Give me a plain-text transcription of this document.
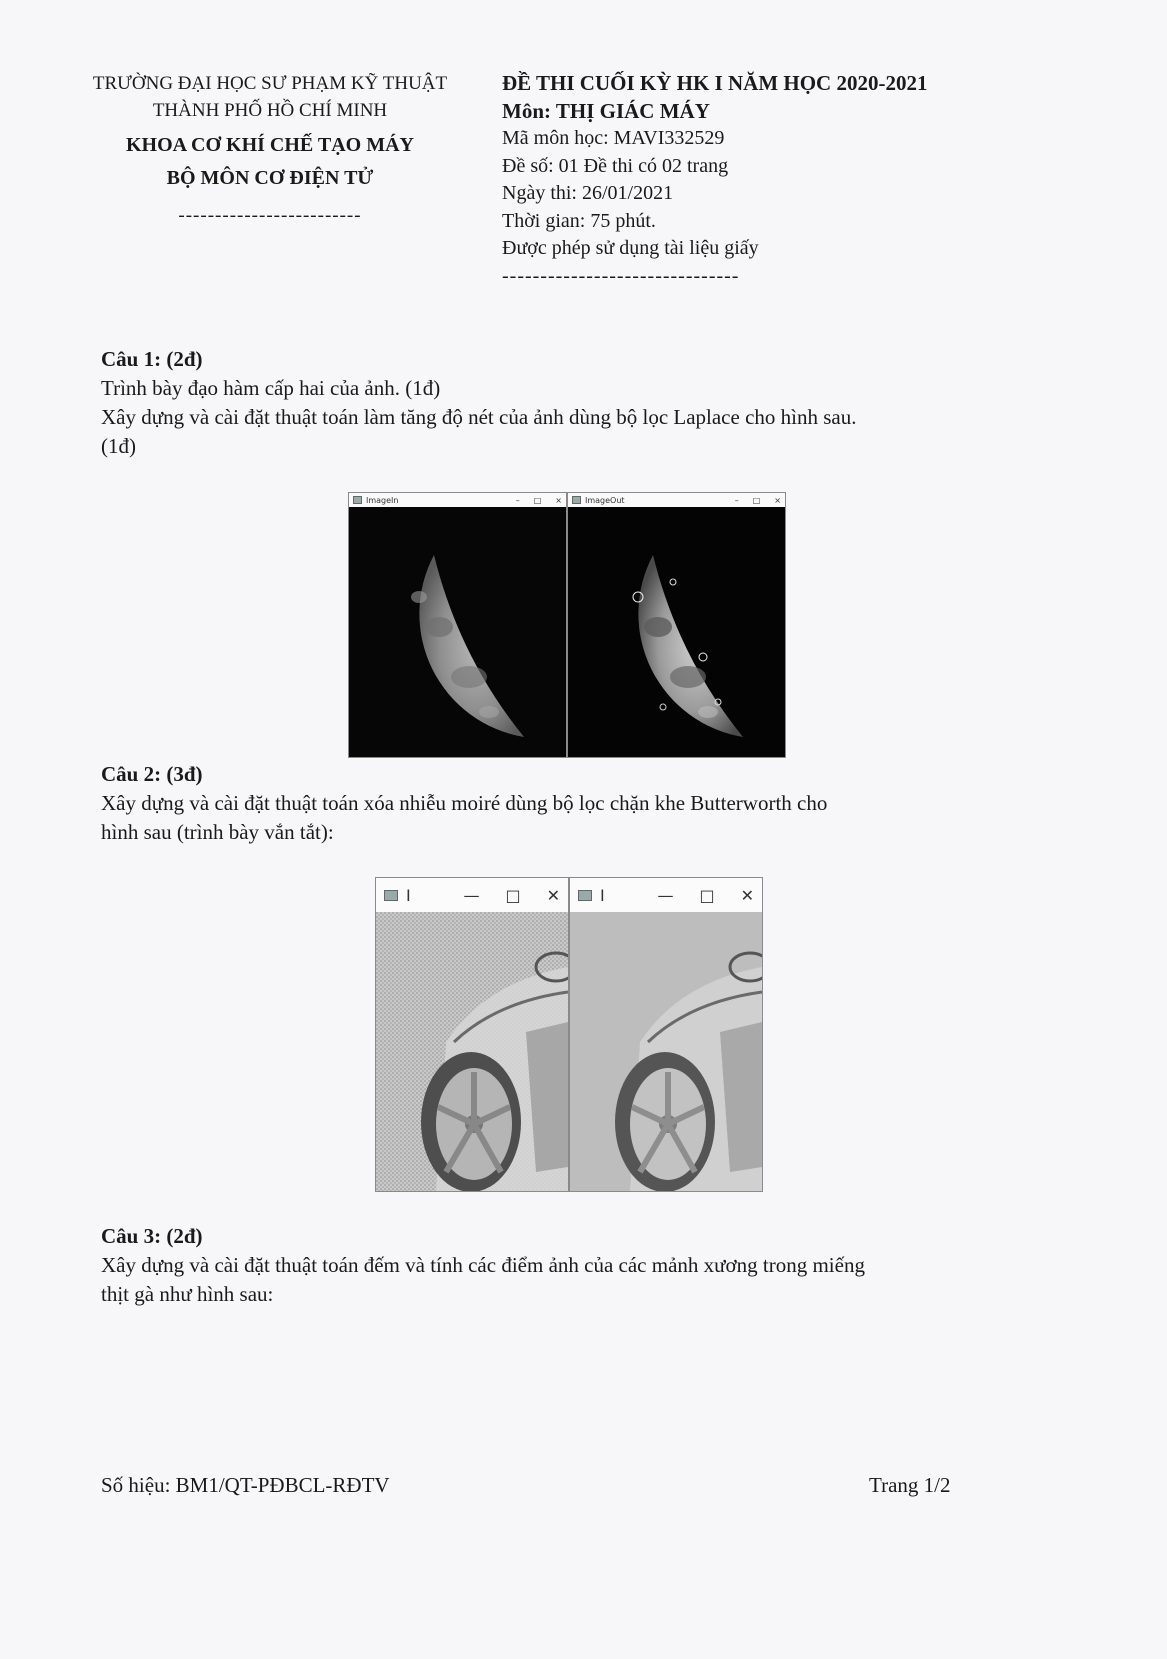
TRƯỜNG ĐẠI HỌC SƯ PHẠM KỸ THUẬT
THÀNH PHỐ HỒ CHÍ MINH
KHOA CƠ KHÍ CHẾ TẠO MÁY
BỘ MÔN CƠ ĐIỆN TỬ
-------------------------
ĐỀ THI CUỐI KỲ HK I NĂM HỌC 2020-2021
Môn: THỊ GIÁC MÁY
Mã môn học: MAVI332529
Đề số: 01 Đề thi có 02 trang
Ngày thi: 26/01/2021
Thời gian: 75 phút.
Được phép sử dụng tài liệu giấy
-------------------------------

Câu 1: (2đ)

Trình bày đạo hàm cấp hai của ảnh. (1đ)

Xây dựng và cài đặt thuật toán làm tăng độ nét của ảnh dùng bộ lọc Laplace cho hình sau.

(1đ)

ImageIn	– □ ×	ImageOut	– □ ×

Câu 2: (3đ)

Xây dựng và cài đặt thuật toán xóa nhiễu moiré dùng bộ lọc chặn khe Butterworth cho

hình sau (trình bày vắn tắt):

I	— □ ✕	I	— □ ✕

Câu 3: (2đ)

Xây dựng và cài đặt thuật toán đếm và tính các điểm ảnh của các mảnh xương trong miếng

thịt gà như hình sau:

Số hiệu: BM1/QT-PĐBCL-RĐTV	Trang 1/2
